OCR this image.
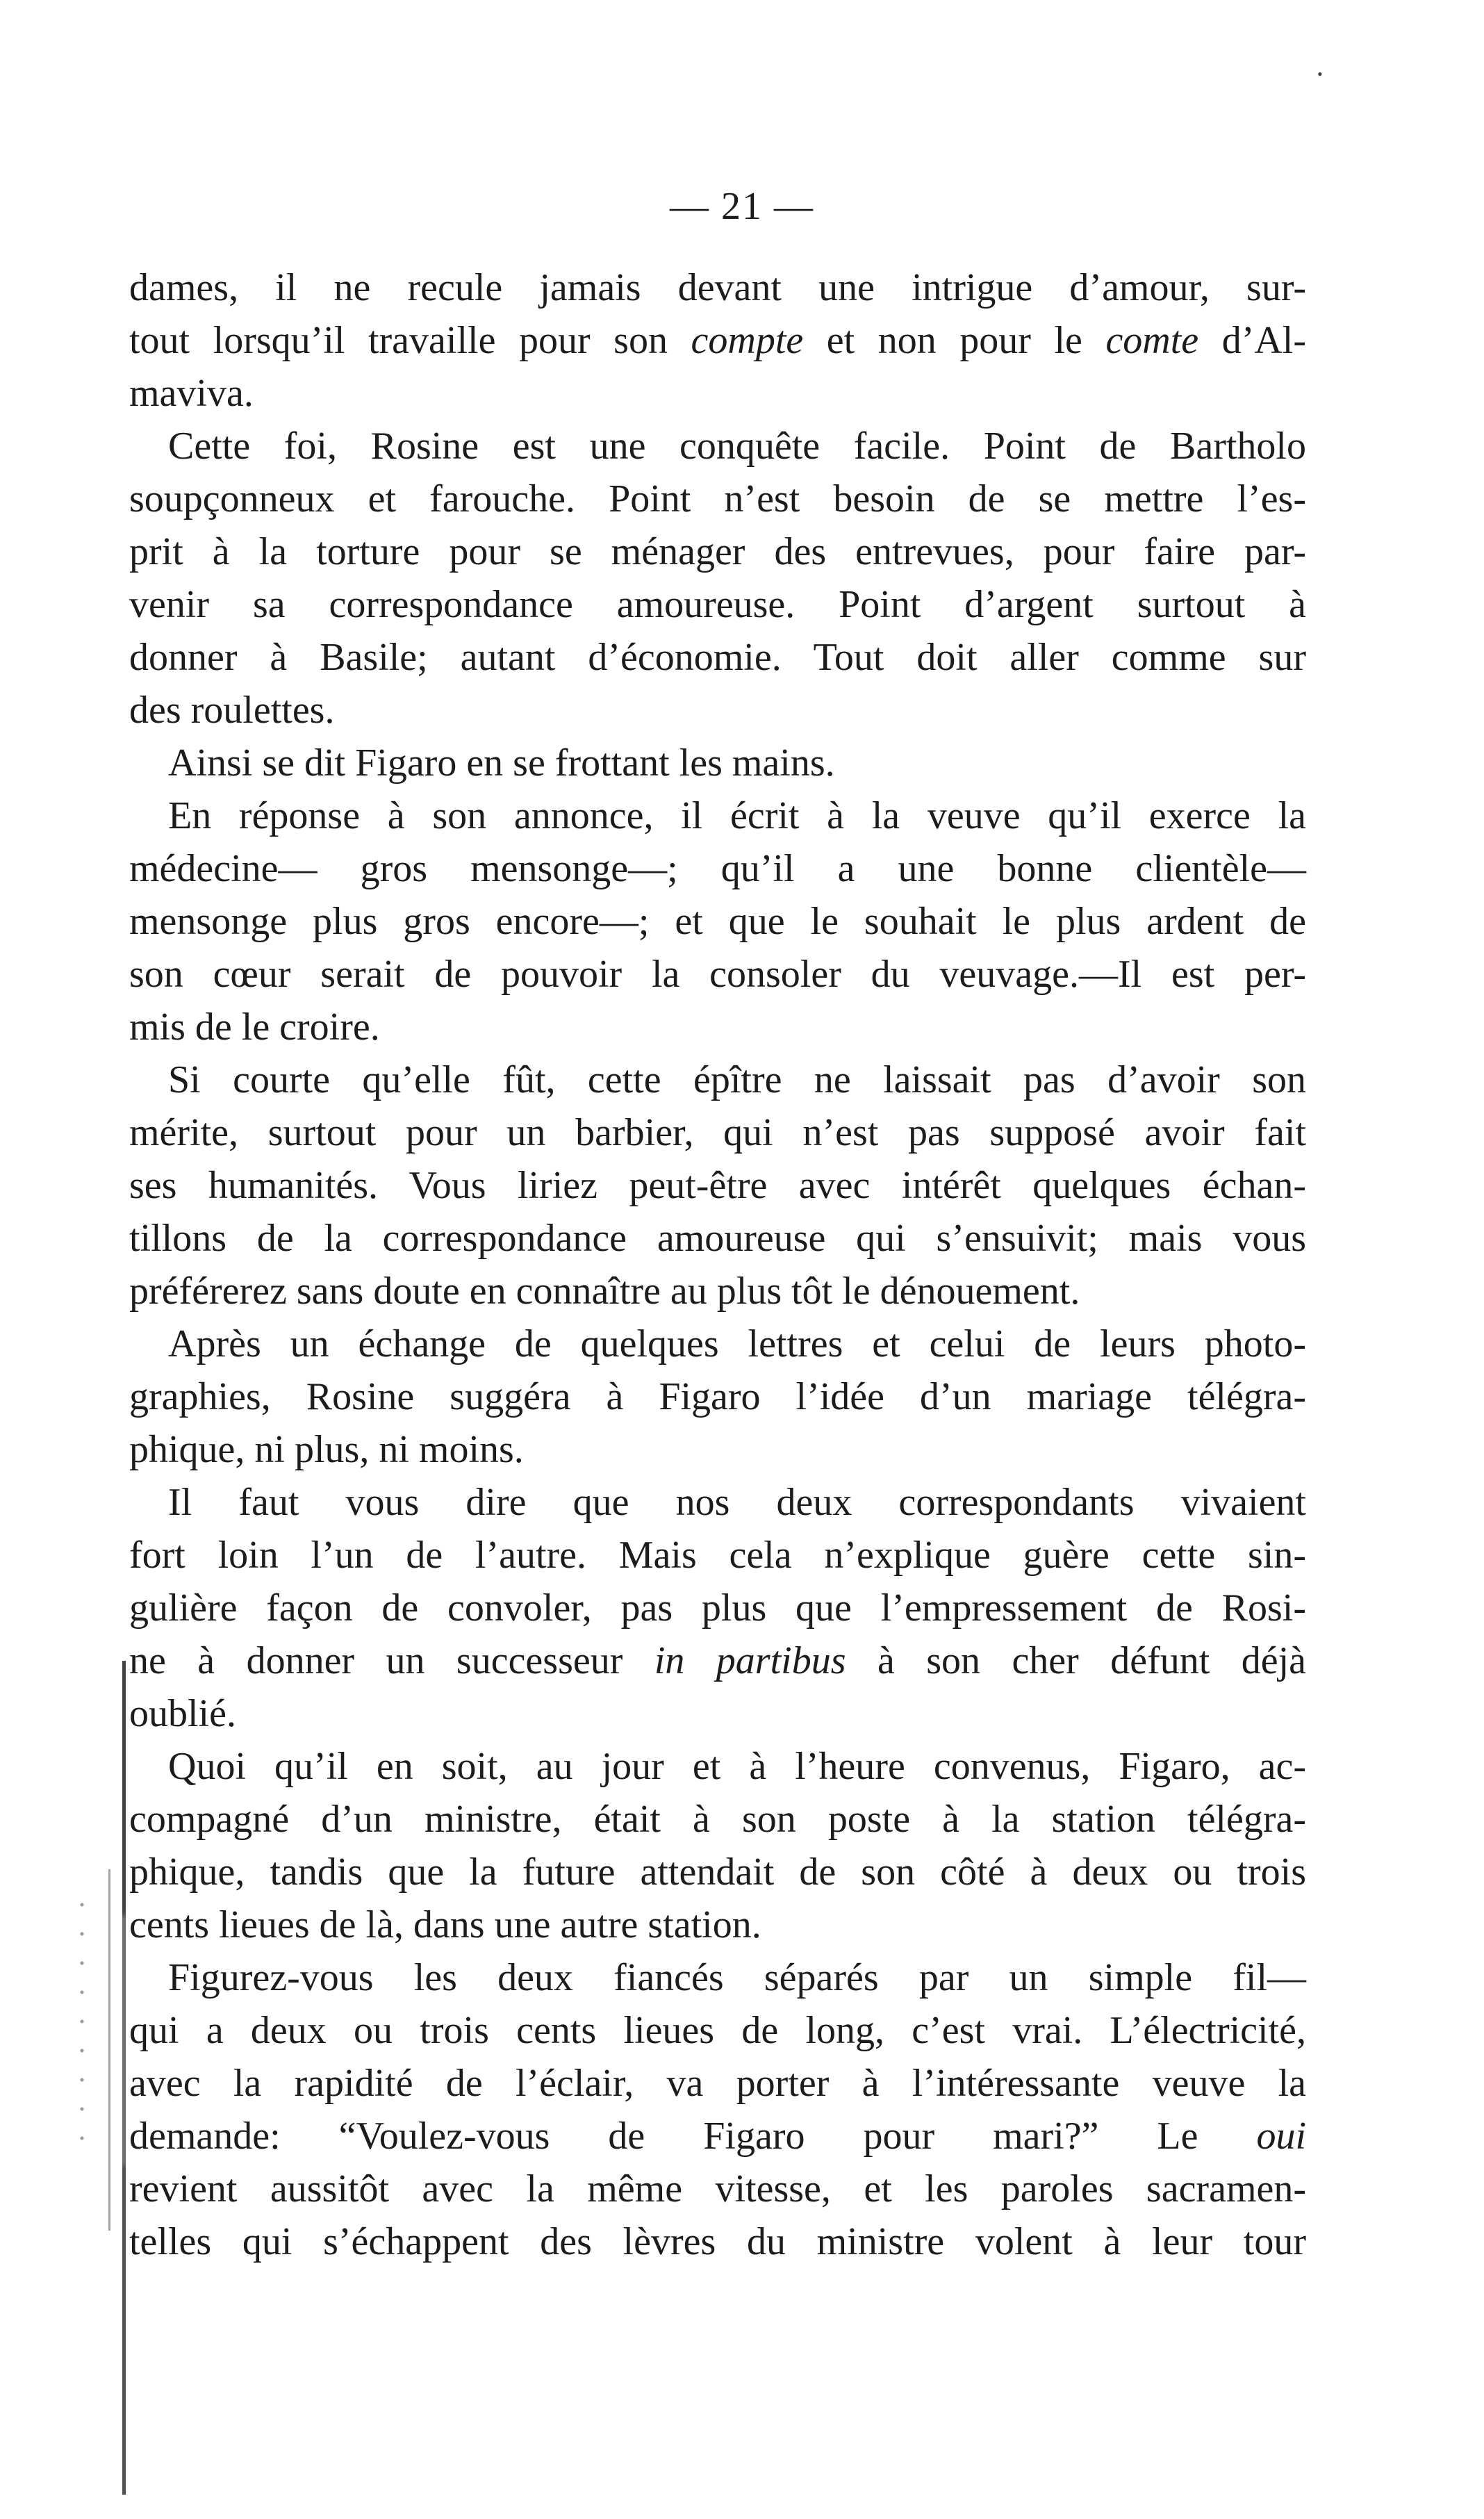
•
— 21 —
dames, il ne recule jamais devant une intrigue d’amour, sur-
tout lorsqu’il travaille pour son compte et non pour le comte d’Al-
maviva.
Cette foi, Rosine est une conquête facile. Point de Bartholo
soupçonneux et farouche. Point n’est besoin de se mettre l’es-
prit à la torture pour se ménager des entrevues, pour faire par-
venir sa correspondance amoureuse. Point d’argent surtout à
donner à Basile; autant d’économie. Tout doit aller comme sur
des roulettes.
Ainsi se dit Figaro en se frottant les mains.
En réponse à son annonce, il écrit à la veuve qu’il exerce la
médecine— gros mensonge—; qu’il a une bonne clientèle—
mensonge plus gros encore—; et que le souhait le plus ardent de
son cœur serait de pouvoir la consoler du veuvage.—Il est per-
mis de le croire.
Si courte qu’elle fût, cette épître ne laissait pas d’avoir son
mérite, surtout pour un barbier, qui n’est pas supposé avoir fait
ses humanités. Vous liriez peut-être avec intérêt quelques échan-
tillons de la correspondance amoureuse qui s’ensuivit; mais vous
préférerez sans doute en connaître au plus tôt le dénouement.
Après un échange de quelques lettres et celui de leurs photo-
graphies, Rosine suggéra à Figaro l’idée d’un mariage télégra-
phique, ni plus, ni moins.
Il faut vous dire que nos deux correspondants vivaient
fort loin l’un de l’autre. Mais cela n’explique guère cette sin-
gulière façon de convoler, pas plus que l’empressement de Rosi-
ne à donner un successeur in partibus à son cher défunt déjà
oublié.
Quoi qu’il en soit, au jour et à l’heure convenus, Figaro, ac-
compagné d’un ministre, était à son poste à la station télégra-
phique, tandis que la future attendait de son côté à deux ou trois
cents lieues de là, dans une autre station.
Figurez-vous les deux fiancés séparés par un simple fil—
qui a deux ou trois cents lieues de long, c’est vrai. L’électricité,
avec la rapidité de l’éclair, va porter à l’intéressante veuve la
demande: “Voulez-vous de Figaro pour mari?” Le oui
revient aussitôt avec la même vitesse, et les paroles sacramen-
telles qui s’échappent des lèvres du ministre volent à leur tour
